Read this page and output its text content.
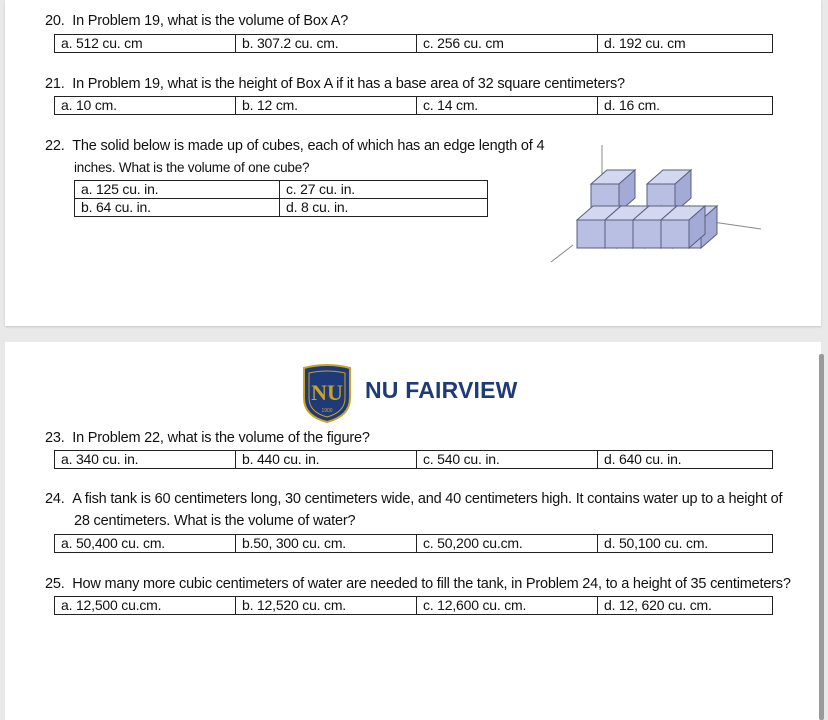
20. In Problem 19, what is the volume of Box A?
a. 512 cu. cm	b. 307.2 cu. cm.	c. 256 cu. cm	d. 192 cu. cm
21. In Problem 19, what is the height of Box A if it has a base area of 32 square centimeters?
a. 10 cm.	b. 12 cm.	c. 14 cm.	d. 16 cm.
22. The solid below is made up of cubes, each of which has an edge length of 4
inches. What is the volume of one cube?
a. 125 cu. in.	c. 27 cu. in.
b. 64 cu. in.	d. 8 cu. in.
NU
1900
NU FAIRVIEW
23. In Problem 22, what is the volume of the figure?
a. 340 cu. in.	b. 440 cu. in.	c. 540 cu. in.	d. 640 cu. in.
24. A fish tank is 60 centimeters long, 30 centimeters wide, and 40 centimeters high. It contains water up to a height of
28 centimeters. What is the volume of water?
a. 50,400 cu. cm.	b.50, 300 cu. cm.	c. 50,200 cu.cm.	d. 50,100 cu. cm.
25. How many more cubic centimeters of water are needed to fill the tank, in Problem 24, to a height of 35 centimeters?
a. 12,500 cu.cm.	b. 12,520 cu. cm.	c. 12,600 cu. cm.	d. 12, 620 cu. cm.
